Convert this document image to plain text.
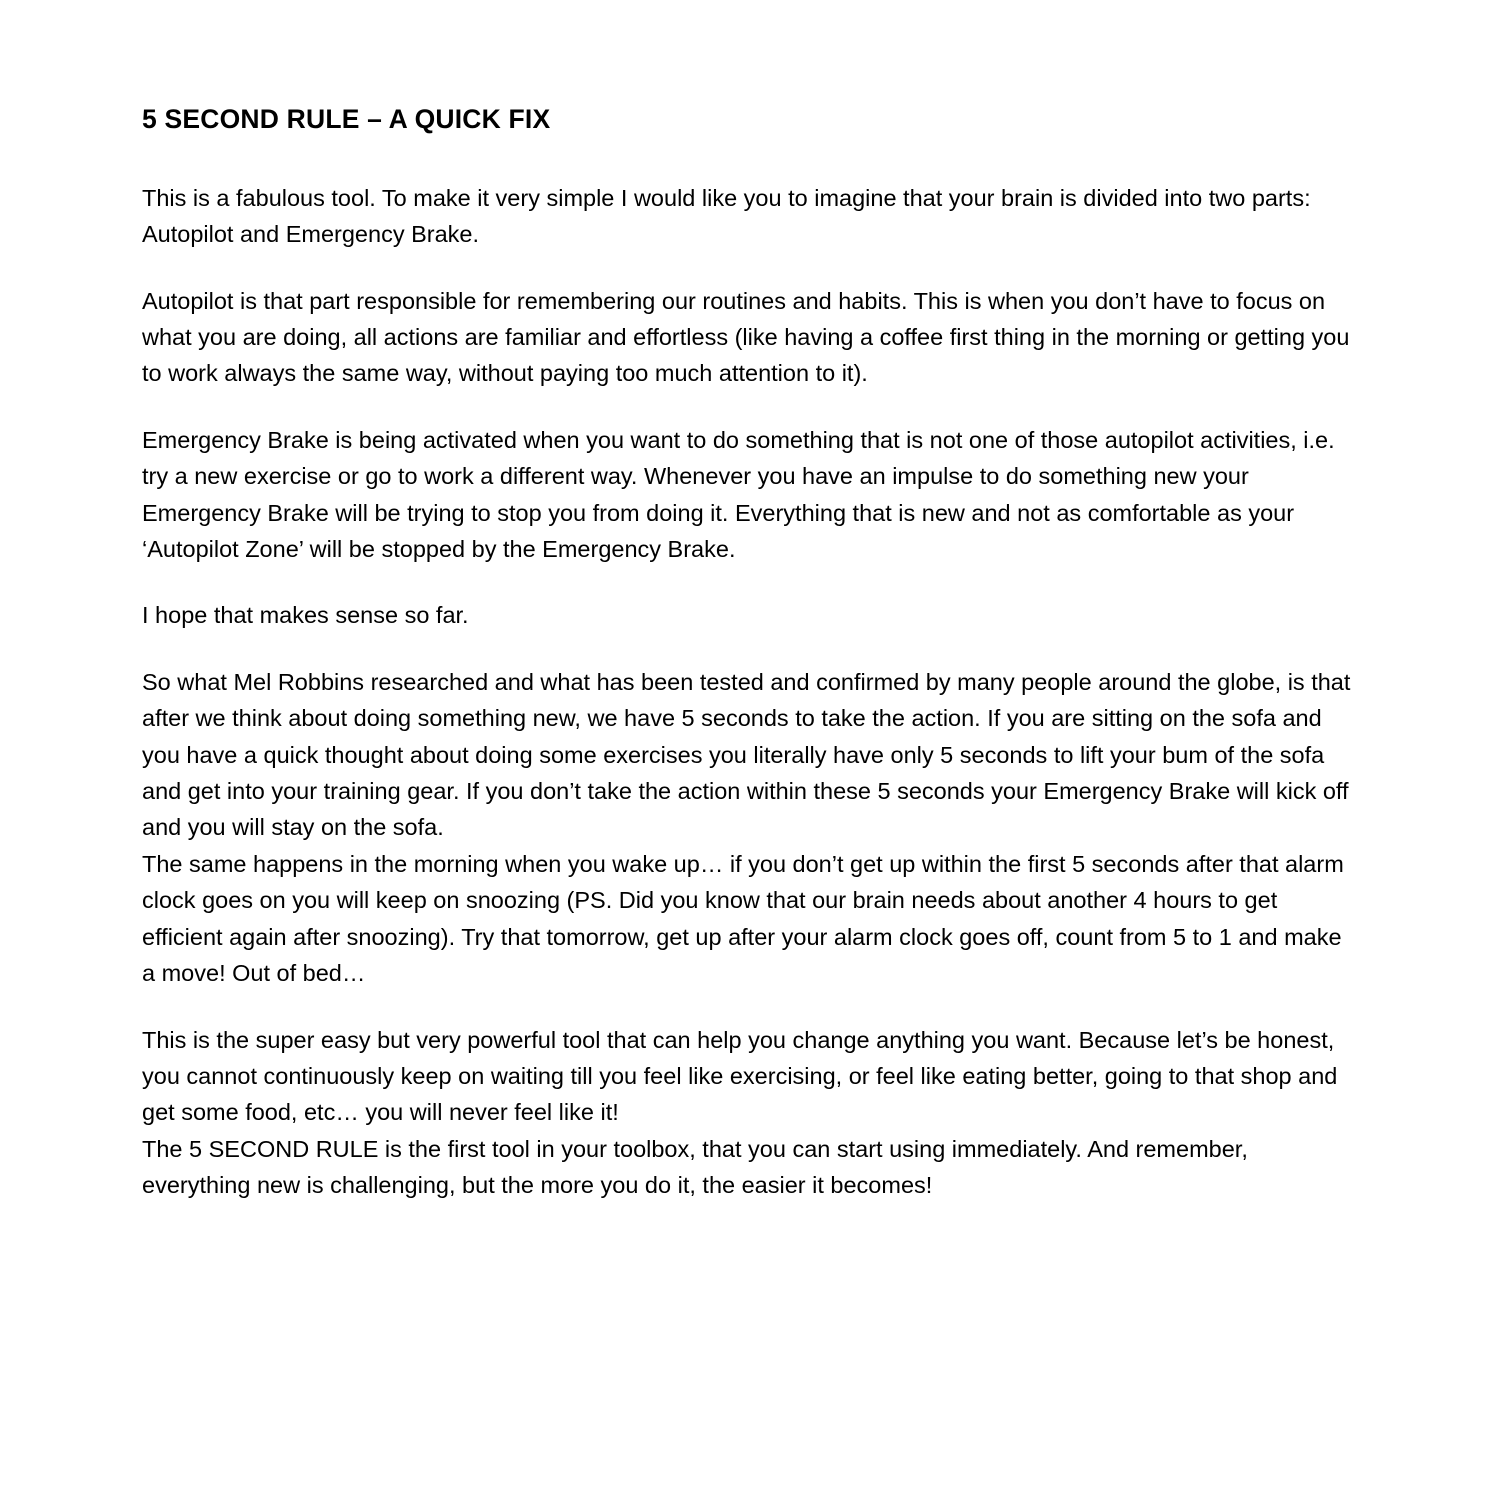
5 SECOND RULE – A QUICK FIX

This is a fabulous tool. To make it very simple I would like you to imagine that your brain is divided into two parts: Autopilot and Emergency Brake.

Autopilot is that part responsible for remembering our routines and habits. This is when you don’t have to focus on what you are doing, all actions are familiar and effortless (like having a coffee first thing in the morning or getting you to work always the same way, without paying too much attention to it).

Emergency Brake is being activated when you want to do something that is not one of those autopilot activities, i.e. try a new exercise or go to work a different way. Whenever you have an impulse to do something new your Emergency Brake will be trying to stop you from doing it. Everything that is new and not as comfortable as your ‘Autopilot Zone’ will be stopped by the Emergency Brake.

I hope that makes sense so far.

So what Mel Robbins researched and what has been tested and confirmed by many people around the globe, is that after we think about doing something new, we have 5 seconds to take the action. If you are sitting on the sofa and you have a quick thought about doing some exercises you literally have only 5 seconds to lift your bum of the sofa and get into your training gear. If you don’t take the action within these 5 seconds your Emergency Brake will kick off and you will stay on the sofa.

The same happens in the morning when you wake up… if you don’t get up within the first 5 seconds after that alarm clock goes on you will keep on snoozing (PS. Did you know that our brain needs about another 4 hours to get efficient again after snoozing). Try that tomorrow, get up after your alarm clock goes off, count from 5 to 1 and make a move! Out of bed…

This is the super easy but very powerful tool that can help you change anything you want. Because let’s be honest, you cannot continuously keep on waiting till you feel like exercising, or feel like eating better, going to that shop and get some food, etc… you will never feel like it!

The 5 SECOND RULE is the first tool in your toolbox, that you can start using immediately. And remember, everything new is challenging, but the more you do it, the easier it becomes!
